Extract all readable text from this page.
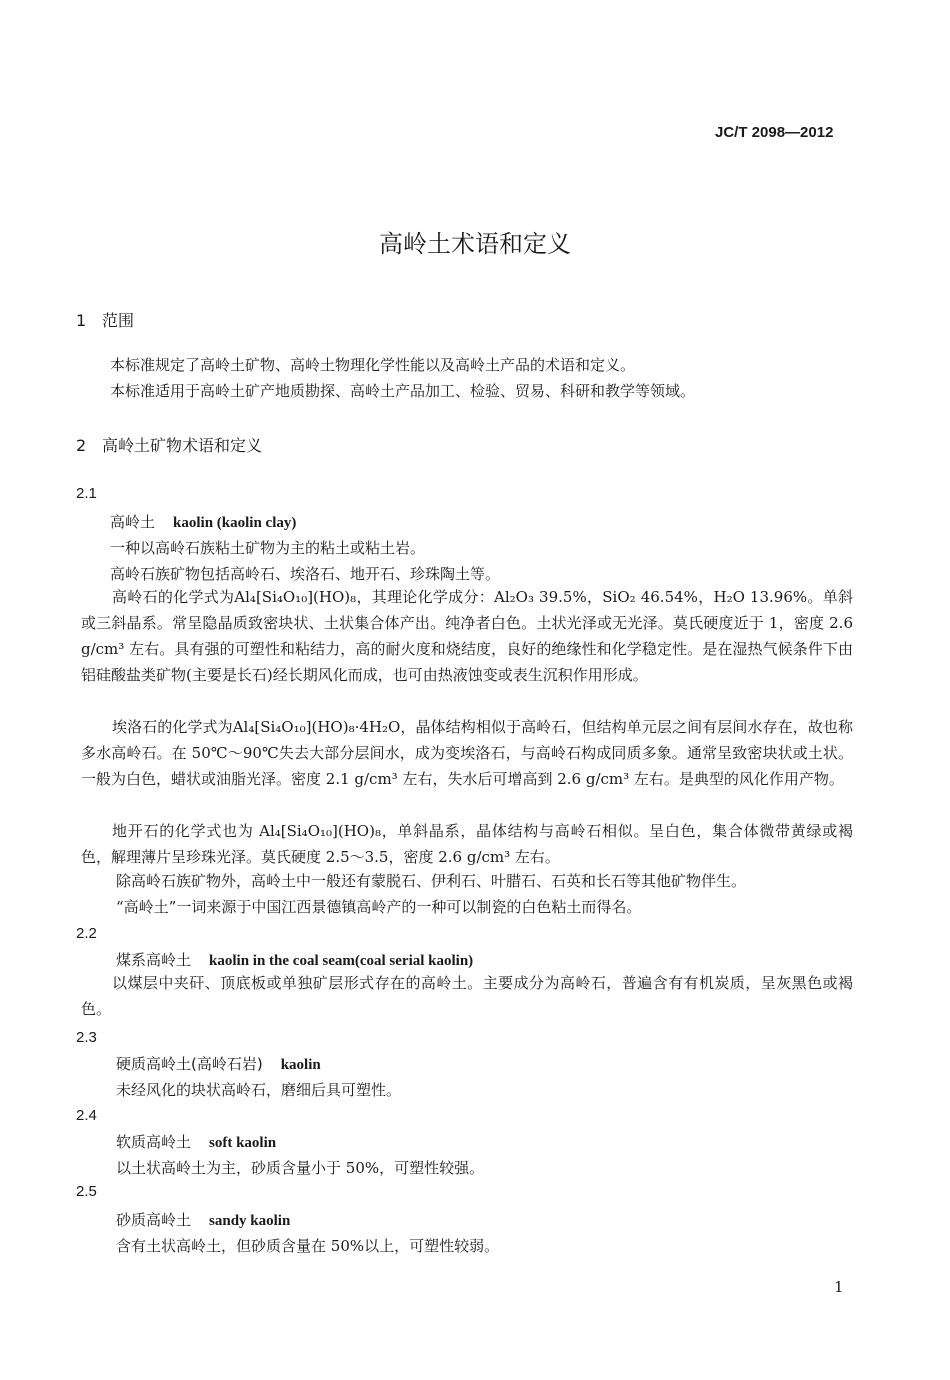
JC/T 2098—2012
高岭土术语和定义
1 范围
本标准规定了高岭土矿物、高岭土物理化学性能以及高岭土产品的术语和定义。
本标准适用于高岭土矿产地质勘探、高岭土产品加工、检验、贸易、科研和教学等领域。
2 高岭土矿物术语和定义
2.1
高岭土 kaolin (kaolin clay)
一种以高岭石族粘土矿物为主的粘土或粘土岩。
高岭石族矿物包括高岭石、埃洛石、地开石、珍珠陶土等。
高岭石的化学式为Al₄[Si₄O₁₀](HO)₈，其理论化学成分：Al₂O₃ 39.5%，SiO₂ 46.54%，H₂O 13.96%。单斜或三斜晶系。常呈隐晶质致密块状、土状集合体产出。纯净者白色。土状光泽或无光泽。莫氏硬度近于 1，密度 2.6 g/cm³ 左右。具有强的可塑性和粘结力，高的耐火度和烧结度，良好的绝缘性和化学稳定性。是在湿热气候条件下由铝硅酸盐类矿物(主要是长石)经长期风化而成，也可由热液蚀变或表生沉积作用形成。
埃洛石的化学式为Al₄[Si₄O₁₀](HO)₈·4H₂O，晶体结构相似于高岭石，但结构单元层之间有层间水存在，故也称多水高岭石。在 50℃～90℃失去大部分层间水，成为变埃洛石，与高岭石构成同质多象。通常呈致密块状或土状。一般为白色，蜡状或油脂光泽。密度 2.1 g/cm³ 左右，失水后可增高到 2.6 g/cm³ 左右。是典型的风化作用产物。
地开石的化学式也为 Al₄[Si₄O₁₀](HO)₈，单斜晶系，晶体结构与高岭石相似。呈白色，集合体微带黄绿或褐色，解理薄片呈珍珠光泽。莫氏硬度 2.5～3.5，密度 2.6 g/cm³ 左右。
除高岭石族矿物外，高岭土中一般还有蒙脱石、伊利石、叶腊石、石英和长石等其他矿物伴生。
“高岭土”一词来源于中国江西景德镇高岭产的一种可以制瓷的白色粘土而得名。
2.2
煤系高岭土 kaolin in the coal seam(coal serial kaolin)
以煤层中夹矸、顶底板或单独矿层形式存在的高岭土。主要成分为高岭石，普遍含有有机炭质，呈灰黑色或褐色。
2.3
硬质高岭土(高岭石岩) kaolin
未经风化的块状高岭石，磨细后具可塑性。
2.4
软质高岭土 soft kaolin
以土状高岭土为主，砂质含量小于 50%，可塑性较强。
2.5
砂质高岭土 sandy kaolin
含有土状高岭土，但砂质含量在 50%以上，可塑性较弱。
1
